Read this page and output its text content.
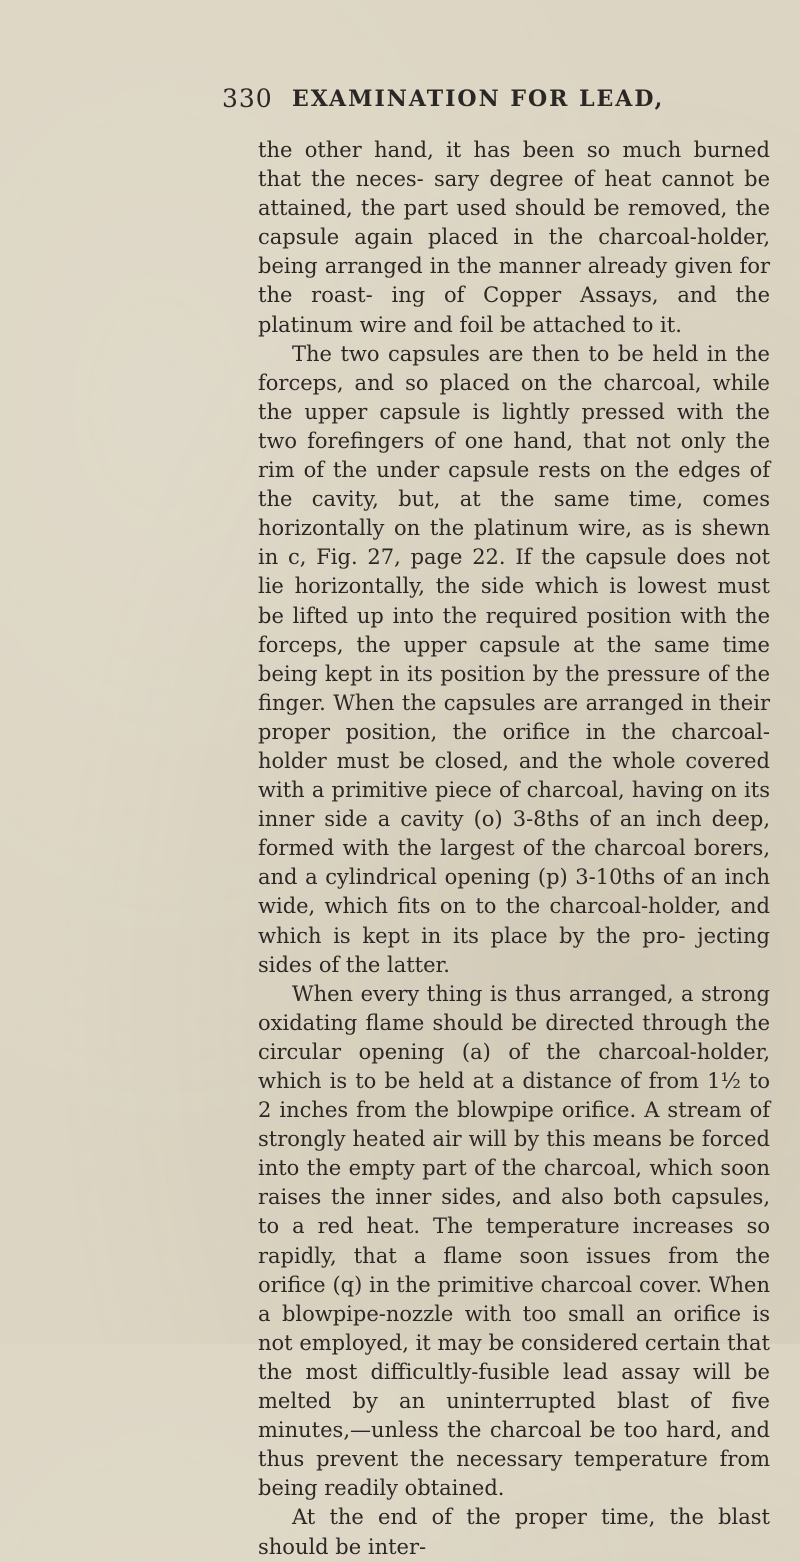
330 EXAMINATION FOR LEAD,

the other hand, it has been so much burned that the neces- sary degree of heat cannot be attained, the part used should be removed, the capsule again placed in the charcoal-holder, being arranged in the manner already given for the roast- ing of Copper Assays, and the platinum wire and foil be attached to it.

The two capsules are then to be held in the forceps, and so placed on the charcoal, while the upper capsule is lightly pressed with the two forefingers of one hand, that not only the rim of the under capsule rests on the edges of the cavity, but, at the same time, comes horizontally on the platinum wire, as is shewn in c, Fig. 27, page 22. If the capsule does not lie horizontally, the side which is lowest must be lifted up into the required position with the forceps, the upper capsule at the same time being kept in its position by the pressure of the finger. When the capsules are arranged in their proper position, the orifice in the charcoal-holder must be closed, and the whole covered with a primitive piece of charcoal, having on its inner side a cavity (o) 3-8ths of an inch deep, formed with the largest of the charcoal borers, and a cylindrical opening (p) 3-10ths of an inch wide, which fits on to the charcoal-holder, and which is kept in its place by the pro- jecting sides of the latter.

When every thing is thus arranged, a strong oxidating flame should be directed through the circular opening (a) of the charcoal-holder, which is to be held at a distance of from 1½ to 2 inches from the blowpipe orifice. A stream of strongly heated air will by this means be forced into the empty part of the charcoal, which soon raises the inner sides, and also both capsules, to a red heat. The temperature increases so rapidly, that a flame soon issues from the orifice (q) in the primitive charcoal cover. When a blowpipe-nozzle with too small an orifice is not employed, it may be considered certain that the most difficultly-fusible lead assay will be melted by an uninterrupted blast of five minutes,—unless the charcoal be too hard, and thus prevent the necessary temperature from being readily obtained.

At the end of the proper time, the blast should be inter-
